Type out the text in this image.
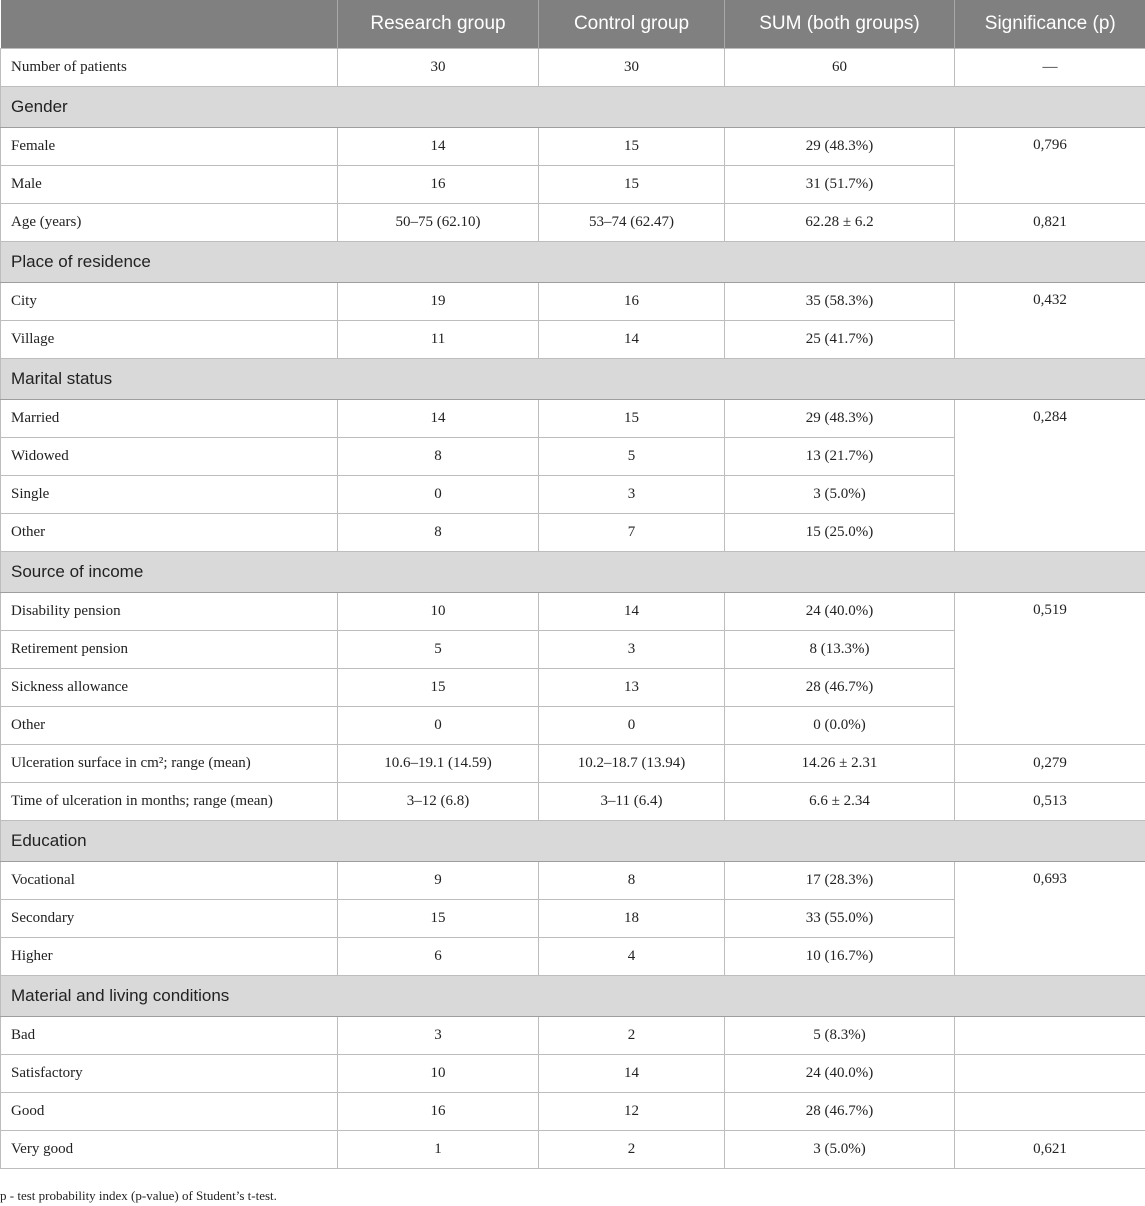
	Research group	Control group	SUM (both groups)	Significance (p)
Number of patients	30	30	60	—
Gender				
Female	14	15	29 (48.3%)	0,796
Male	16	15	31 (51.7%)	
Age (years)	50–75 (62.10)	53–74 (62.47)	62.28 ± 6.2	0,821
Place of residence				
City	19	16	35 (58.3%)	0,432
Village	11	14	25 (41.7%)	
Marital status				
Married	14	15	29 (48.3%)	0,284
Widowed	8	5	13 (21.7%)	
Single	0	3	3 (5.0%)	
Other	8	7	15 (25.0%)	
Source of income				
Disability pension	10	14	24 (40.0%)	0,519
Retirement pension	5	3	8 (13.3%)	
Sickness allowance	15	13	28 (46.7%)	
Other	0	0	0 (0.0%)	
Ulceration surface in cm²; range (mean)	10.6–19.1 (14.59)	10.2–18.7 (13.94)	14.26 ± 2.31	0,279
Time of ulceration in months; range (mean)	3–12 (6.8)	3–11 (6.4)	6.6 ± 2.34	0,513
Education				
Vocational	9	8	17 (28.3%)	0,693
Secondary	15	18	33 (55.0%)	
Higher	6	4	10 (16.7%)	
Material and living conditions				
Bad	3	2	5 (8.3%)	
Satisfactory	10	14	24 (40.0%)	
Good	16	12	28 (46.7%)	
Very good	1	2	3 (5.0%)	0,621
p - test probability index (p-value) of Student’s t-test.
